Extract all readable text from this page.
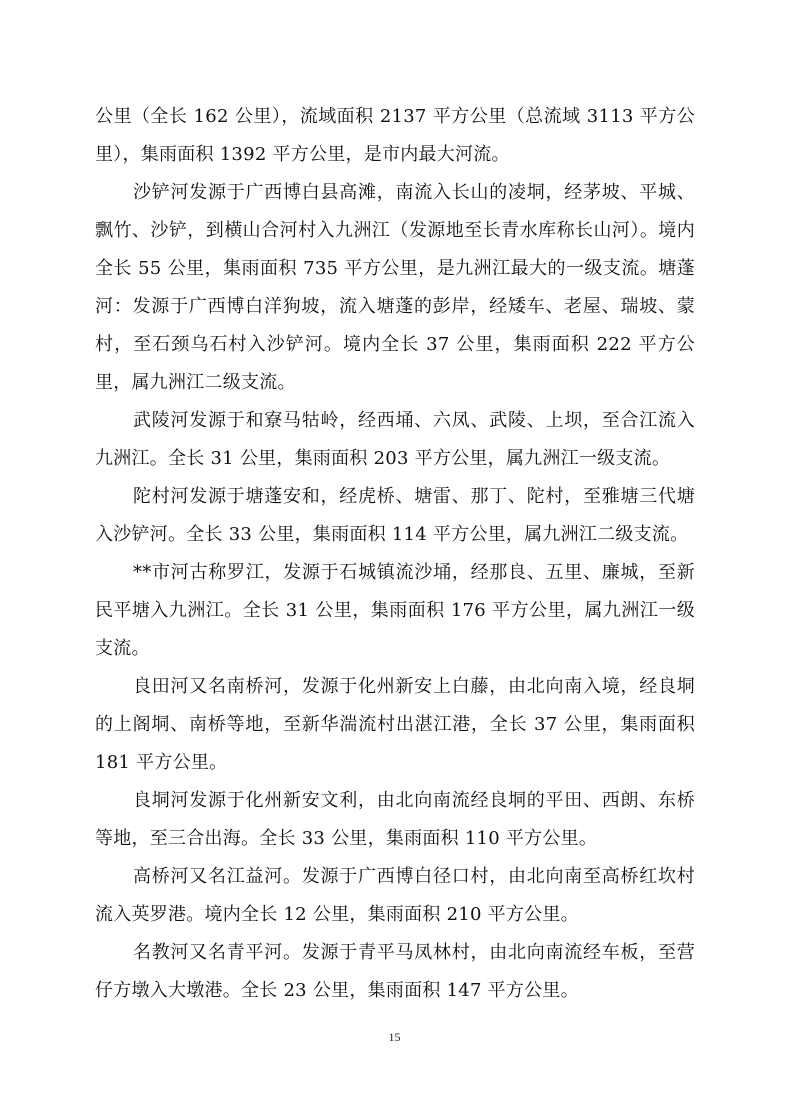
公里（全长 162 公里），流域面积 2137 平方公里（总流域 3113 平方公里），集雨面积 1392 平方公里，是市内最大河流。

沙铲河发源于广西博白县高滩，南流入长山的凌垌，经茅坡、平城、飘竹、沙铲，到横山合河村入九洲江（发源地至长青水库称长山河）。境内全长 55 公里，集雨面积 735 平方公里，是九洲江最大的一级支流。塘蓬河：发源于广西博白洋狗坡，流入塘蓬的彭岸，经矮车、老屋、瑞坡、蒙村，至石颈乌石村入沙铲河。境内全长 37 公里，集雨面积 222 平方公里，属九洲江二级支流。

武陵河发源于和寮马牯岭，经西埇、六凤、武陵、上坝，至合江流入九洲江。全长 31 公里，集雨面积 203 平方公里，属九洲江一级支流。

陀村河发源于塘蓬安和，经虎桥、塘雷、那丁、陀村，至雅塘三代塘入沙铲河。全长 33 公里，集雨面积 114 平方公里，属九洲江二级支流。

**市河古称罗江，发源于石城镇流沙埇，经那良、五里、廉城，至新民平塘入九洲江。全长 31 公里，集雨面积 176 平方公里，属九洲江一级支流。

良田河又名南桥河，发源于化州新安上白藤，由北向南入境，经良垌的上阁垌、南桥等地，至新华湍流村出湛江港，全长 37 公里，集雨面积 181 平方公里。

良垌河发源于化州新安文利，由北向南流经良垌的平田、西朗、东桥等地，至三合出海。全长 33 公里，集雨面积 110 平方公里。

高桥河又名江益河。发源于广西博白径口村，由北向南至高桥红坎村流入英罗港。境内全长 12 公里，集雨面积 210 平方公里。

名教河又名青平河。发源于青平马凤林村，由北向南流经车板，至营仔方墩入大墩港。全长 23 公里，集雨面积 147 平方公里。

15
